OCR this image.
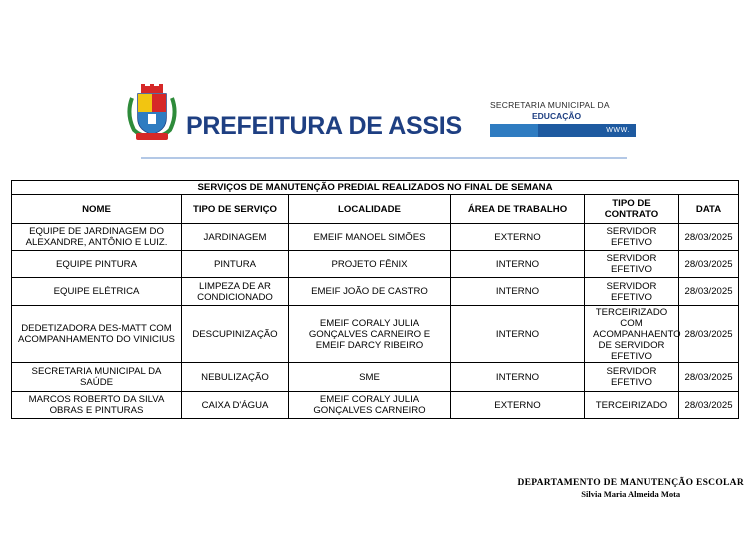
PREFEITURA DE ASSIS
SECRETARIA MUNICIPAL DA
EDUCAÇÃO
WWW. ASSIS.SP.GOV.BR
SERVIÇOS DE MANUTENÇÃO PREDIAL REALIZADOS NO FINAL DE SEMANA					
NOME	TIPO DE SERVIÇO	LOCALIDADE	ÁREA DE TRABALHO	TIPO DE CONTRATO	DATA
EQUIPE DE JARDINAGEM DO ALEXANDRE, ANTÔNIO E LUIZ.	JARDINAGEM	EMEIF MANOEL SIMÕES	EXTERNO	SERVIDOR EFETIVO	28/03/2025
EQUIPE PINTURA	PINTURA	PROJETO FÊNIX	INTERNO	SERVIDOR EFETIVO	28/03/2025
EQUIPE ELÉTRICA	LIMPEZA DE AR CONDICIONADO	EMEIF JOÃO DE CASTRO	INTERNO	SERVIDOR EFETIVO	28/03/2025
DEDETIZADORA DES-MATT COM ACOMPANHAMENTO DO VINICIUS	DESCUPINIZAÇÃO	EMEIF CORALY JULIA GONÇALVES CARNEIRO E EMEIF DARCY RIBEIRO	INTERNO	TERCEIRIZADO COM ACOMPANHAENTO DE SERVIDOR EFETIVO	28/03/2025
SECRETARIA MUNICIPAL DA SAÚDE	NEBULIZAÇÃO	SME	INTERNO	SERVIDOR EFETIVO	28/03/2025
MARCOS ROBERTO DA SILVA OBRAS E PINTURAS	CAIXA D'ÁGUA	EMEIF CORALY JULIA GONÇALVES CARNEIRO	EXTERNO	TERCEIRIZADO	28/03/2025
DEPARTAMENTO DE MANUTENÇÃO ESCOLAR
Silvia Maria Almeida Mota
